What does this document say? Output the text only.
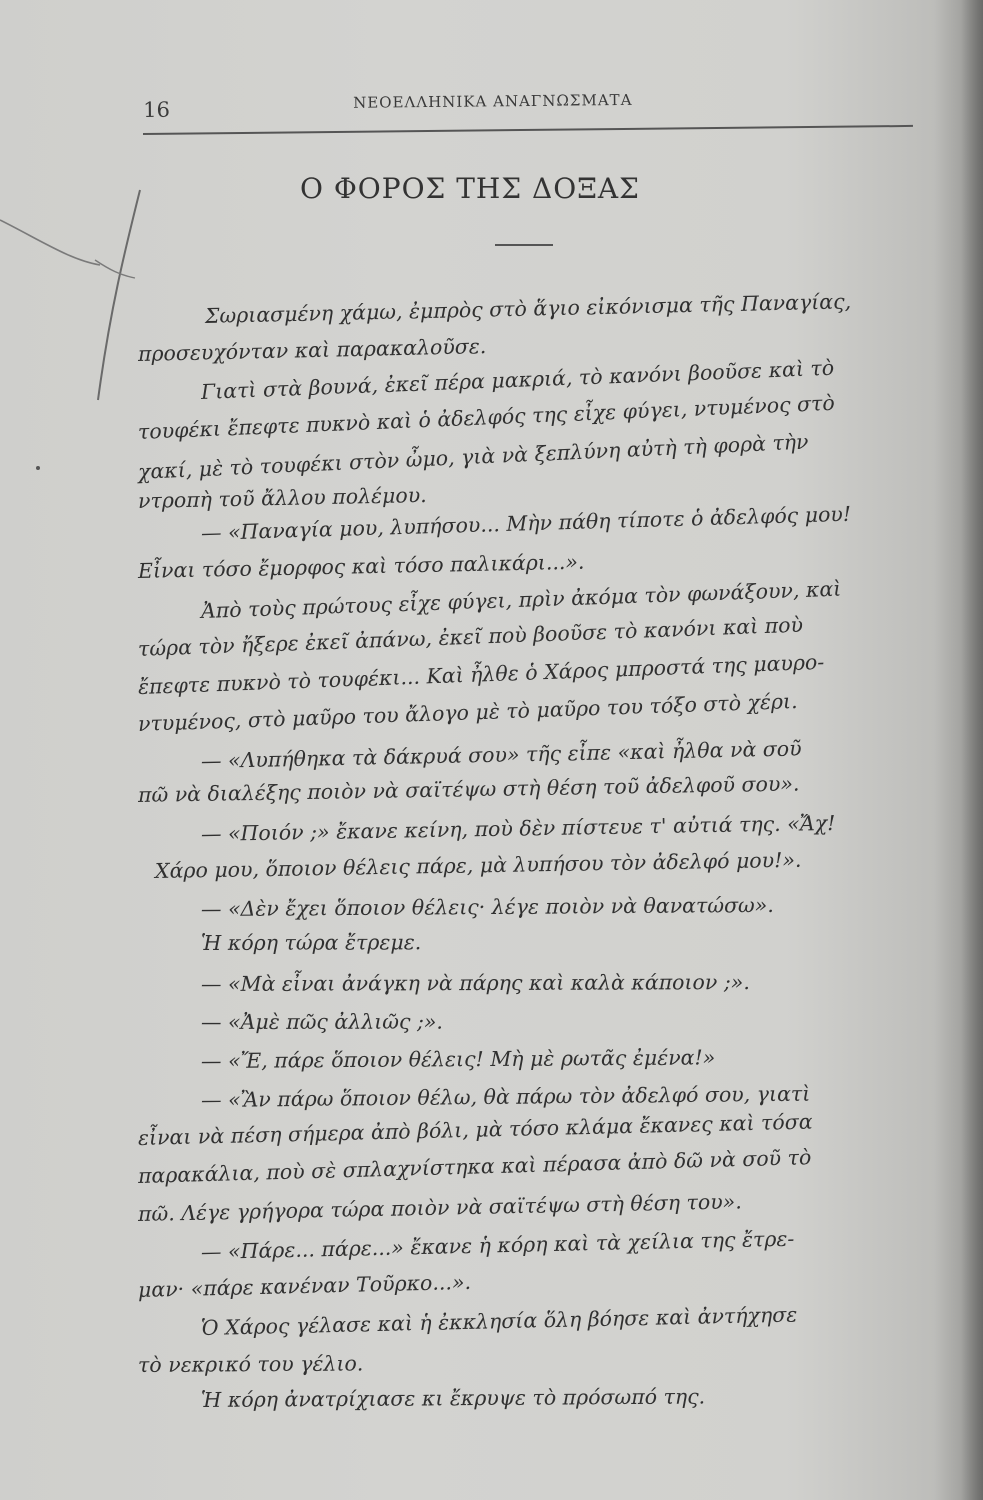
16	ΝΕΟΕΛΛΗΝΙΚΑ ΑΝΑΓΝΩΣΜΑΤΑ
Ο ΦΟΡΟΣ ΤΗΣ ΔΟΞΑΣ
Σωριασμένη χάμω, ἐμπρὸς στὸ ἅγιο εἰκόνισμα τῆς Παναγίας,
προσευχόνταν καὶ παρακαλοῦσε.
Γιατὶ στὰ βουνά, ἐκεῖ πέρα μακριά, τὸ κανόνι βοοῦσε καὶ τὸ
τουφέκι ἔπεφτε πυκνὸ καὶ ὁ ἀδελφός της εἶχε φύγει, ντυμένος στὸ
χακί, μὲ τὸ τουφέκι στὸν ὦμο, γιὰ νὰ ξεπλύνη αὐτὴ τὴ φορὰ τὴν
ντροπὴ τοῦ ἄλλου πολέμου.
— «Παναγία μου, λυπήσου... Μὴν πάθη τίποτε ὁ ἀδελφός μου!
Εἶναι τόσο ἔμορφος καὶ τόσο παλικάρι...».
Ἀπὸ τοὺς πρώτους εἶχε φύγει, πρὶν ἀκόμα τὸν φωνάξουν, καὶ
τώρα τὸν ἤξερε ἐκεῖ ἀπάνω, ἐκεῖ ποὺ βοοῦσε τὸ κανόνι καὶ ποὺ
ἔπεφτε πυκνὸ τὸ τουφέκι... Καὶ ἦλθε ὁ Χάρος μπροστά της μαυρο-
ντυμένος, στὸ μαῦρο του ἄλογο μὲ τὸ μαῦρο του τόξο στὸ χέρι.
— «Λυπήθηκα τὰ δάκρυά σου» τῆς εἶπε «καὶ ἦλθα νὰ σοῦ
πῶ νὰ διαλέξης ποιὸν νὰ σαϊτέψω στὴ θέση τοῦ ἀδελφοῦ σου».
— «Ποιόν ;» ἔκανε κείνη, ποὺ δὲν πίστευε τ' αὐτιά της. «Ἄχ!
Χάρο μου, ὅποιον θέλεις πάρε, μὰ λυπήσου τὸν ἀδελφό μου!».
— «Δὲν ἔχει ὅποιον θέλεις· λέγε ποιὸν νὰ θανατώσω».
Ἡ κόρη τώρα ἔτρεμε.
— «Μὰ εἶναι ἀνάγκη νὰ πάρης καὶ καλὰ κάποιον ;».
— «Ἀμὲ πῶς ἀλλιῶς ;».
— «Ἔ, πάρε ὅποιον θέλεις! Μὴ μὲ ρωτᾶς ἐμένα!»
— «Ἂν πάρω ὅποιον θέλω, θὰ πάρω τὸν ἀδελφό σου, γιατὶ
εἶναι νὰ πέση σήμερα ἀπὸ βόλι, μὰ τόσο κλάμα ἔκανες καὶ τόσα
παρακάλια, ποὺ σὲ σπλαχνίστηκα καὶ πέρασα ἀπὸ δῶ νὰ σοῦ τὸ
πῶ. Λέγε γρήγορα τώρα ποιὸν νὰ σαϊτέψω στὴ θέση του».
— «Πάρε... πάρε...» ἔκανε ἡ κόρη καὶ τὰ χείλια της ἔτρε-
μαν· «πάρε κανέναν Τοῦρκο...».
Ὁ Χάρος γέλασε καὶ ἡ ἐκκλησία ὅλη βόησε καὶ ἀντήχησε
τὸ νεκρικό του γέλιο.
Ἡ κόρη ἀνατρίχιασε κι ἔκρυψε τὸ πρόσωπό της.
